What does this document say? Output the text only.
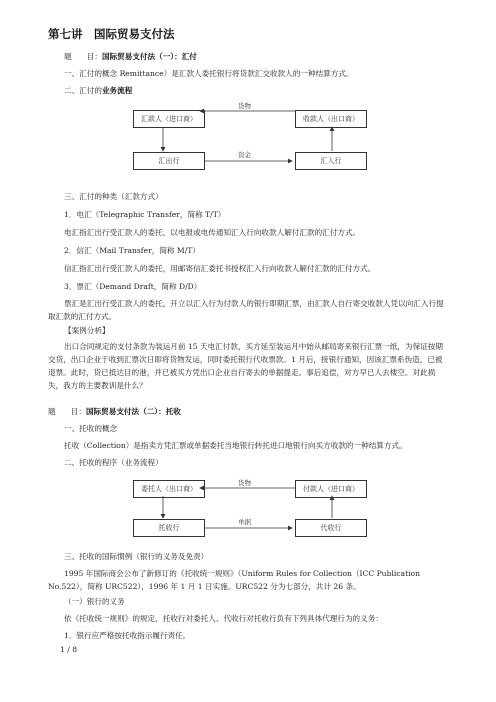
第七讲　国际贸易支付法
题　　目：国际贸易支付法（一）：汇付
一、汇付的概念 Remittance）是汇款人委托银行将货款汇交收款人的一种结算方式。
二、汇付的业务流程
货物
汇款人（进口商）	收款人（出口商）
汇出行
资金
汇入行
三、汇付的种类（汇款方式）
1．电汇（Telegraphic Transfer，简称 T/T）
电汇指汇出行受汇款人的委托，以电报或电传通知汇入行向收款人解付汇款的汇付方式。
2．信汇（Mail Transfer，简称 M/T）
信汇指汇出行受汇款人的委托，用邮寄信汇委托书授权汇入行向收款人解付汇款的汇付方式。
3．票汇（Demand Draft，简称 D/D）
票汇是汇出行受汇款人的委托，开立以汇入行为付款人的银行即期汇票，由汇款人自行寄交收款人凭以向汇入行提取汇款的汇付方式。
【案例分析】
出口合同规定的支付条款为装运月前 15 天电汇付款，买方延至装运月中始从邮局寄来银行汇票一纸，为保证按期交货，出口企业于收到汇票次日即将货物发运，同时委托银行代收票款。1 月后，接银行通知，因该汇票系伪造，已被退票。此时，货已抵达目的港，并已被买方凭出口企业自行寄去的单据提走。事后追偿，对方早已人去楼空。对此损失，我方的主要教训是什么？
题　　目：国际贸易支付法（二）：托收
一、托收的概念
托收（Collection）是指卖方凭汇票或单据委托当地银行转托进口地银行向买方收款的一种结算方式。
二、托收的程序（业务流程）
货物
委托人（出口商）	付款人（进口商）
托收行
单据
代收行
三、托收的国际惯例（银行的义务及免责）
1995 年国际商会公布了新修订的《托收统一规则》（Uniform Rules for Collection（ICC Publication No.522），简称 URC522），1996 年 1 月 1 日实施。URC522 分为七部分，共计 26 条。
（一）银行的义务
依《托收统一规则》的规定，托收行对委托人、代收行对托收行负有下列具体代理行为的义务：
1．银行应严格按托收指示履行责任。
1 / 8
